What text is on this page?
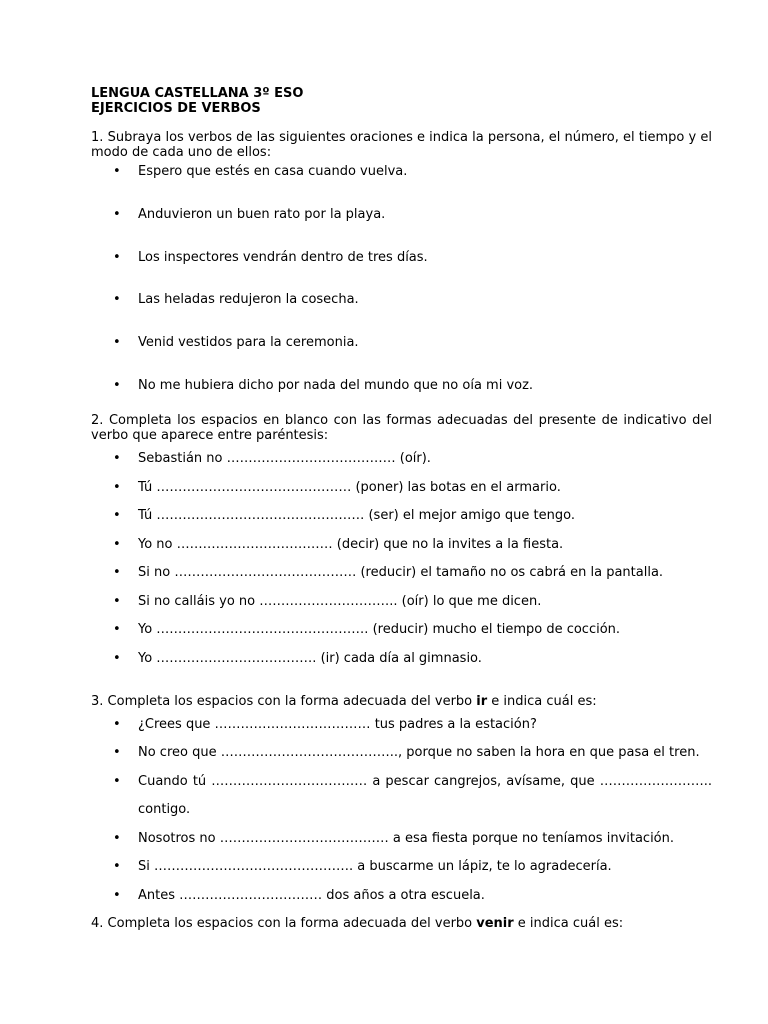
LENGUA CASTELLANA 3º ESO

EJERCICIOS DE VERBOS

1. Subraya los verbos de las siguientes oraciones e indica la persona, el número, el tiempo y el modo de cada uno de ellos:

• Espero que estés en casa cuando vuelva.
• Anduvieron un buen rato por la playa.
• Los inspectores vendrán dentro de tres días.
• Las heladas redujeron la cosecha.
• Venid vestidos para la ceremonia.
• No me hubiera dicho por nada del mundo que no oía mi voz.

2. Completa los espacios en blanco con las formas adecuadas del presente de indicativo del verbo que aparece entre paréntesis:

• Sebastián no ………………………………… (oír).
• Tú ……………………………………… (poner) las botas en el armario.
• Tú ………………………………………… (ser) el mejor amigo que tengo.
• Yo no ……………………………… (decir) que no la invites a la fiesta.
• Si no …………………………………… (reducir) el tamaño no os cabrá en la pantalla.
• Si no calláis yo no ………………………….. (oír) lo que me dicen.
• Yo …………………………………………. (reducir) mucho el tiempo de cocción.
• Yo ………………………………. (ir) cada día al gimnasio.

3. Completa los espacios con la forma adecuada del verbo ir e indica cuál es:

• ¿Crees que ……………………………… tus padres a la estación?
• No creo que ………………………………….., porque no saben la hora en que pasa el tren.
• Cuando tú ……………………………… a pescar cangrejos, avísame, que ……………………..
contigo.
• Nosotros no ………………………………… a esa fiesta porque no teníamos invitación.
• Si ………………………………………. a buscarme un lápiz, te lo agradecería.
• Antes …………………………… dos años a otra escuela.

4. Completa los espacios con la forma adecuada del verbo venir e indica cuál es:
